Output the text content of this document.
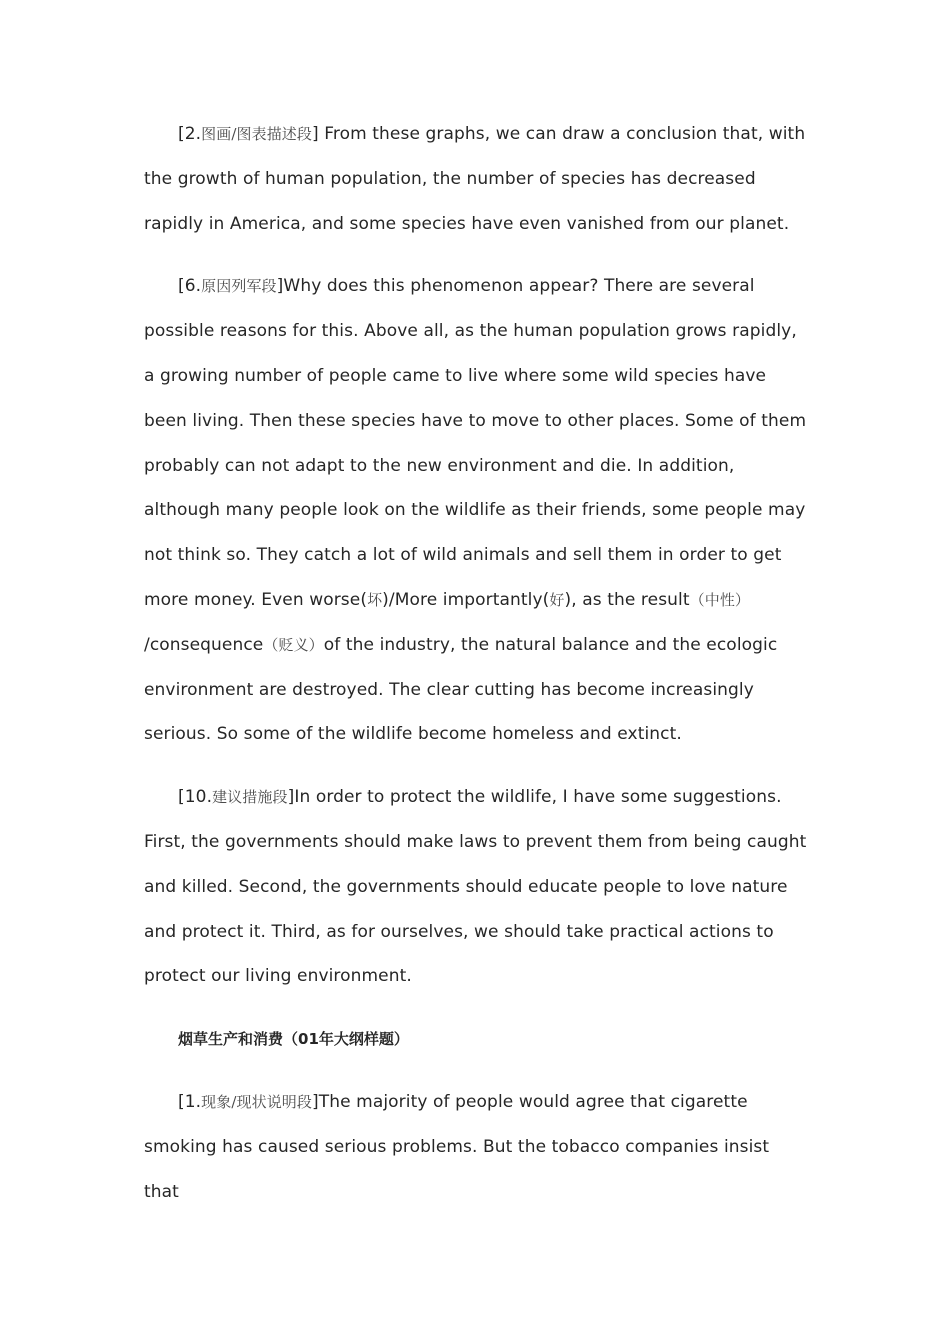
[2.图画/图表描述段] From these graphs, we can draw a conclusion that, with the growth of human population, the number of species has decreased rapidly in America, and some species have even vanished from our planet.

[6.原因列军段]Why does this phenomenon appear? There are several possible reasons for this. Above all, as the human population grows rapidly, a growing number of people came to live where some wild species have been living. Then these species have to move to other places. Some of them probably can not adapt to the new environment and die. In addition, although many people look on the wildlife as their friends, some people may not think so. They catch a lot of wild animals and sell them in order to get more money. Even worse(坏)/More importantly(好), as the result（中性） /consequence（贬义）of the industry, the natural balance and the ecologic environment are destroyed. The clear cutting has become increasingly serious. So some of the wildlife become homeless and extinct.

[10.建议措施段]In order to protect the wildlife, I have some suggestions. First, the governments should make laws to prevent them from being caught and killed. Second, the governments should educate people to love nature and protect it. Third, as for ourselves, we should take practical actions to protect our living environment.

烟草生产和消费（01年大纲样题）

[1.现象/现状说明段]The majority of people would agree that cigarette smoking has caused serious problems. But the tobacco companies insist that
